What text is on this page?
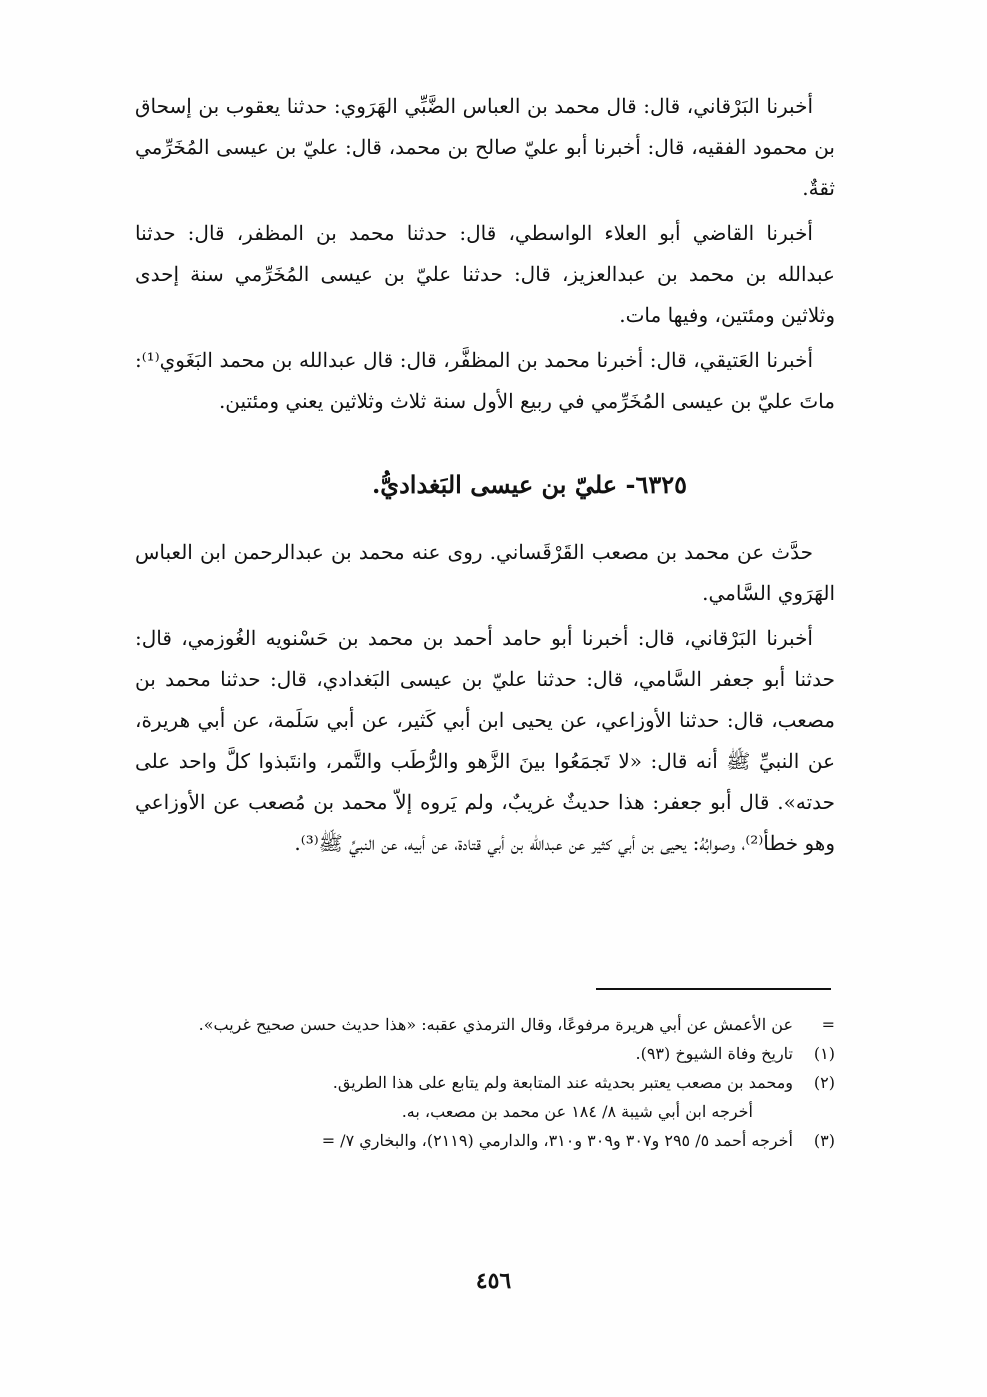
أخبرنا البَرْقاني، قال: قال محمد بن العباس الضَّبِّي الهَرَوي: حدثنا يعقوب بن إسحاق بن محمود الفقيه، قال: أخبرنا أبو عليّ صالح بن محمد، قال: عليّ بن عيسى المُخَرِّمي ثقةٌ.

أخبرنا القاضي أبو العلاء الواسطي، قال: حدثنا محمد بن المظفر، قال: حدثنا عبدالله بن محمد بن عبدالعزيز، قال: حدثنا عليّ بن عيسى المُخَرِّمي سنة إحدى وثلاثين ومئتين، وفيها مات.

أخبرنا العَتيقي، قال: أخبرنا محمد بن المظفَّر، قال: قال عبدالله بن محمد البَغَوي⁽¹⁾: ماتَ عليّ بن عيسى المُخَرِّمي في ربيع الأول سنة ثلاث وثلاثين يعني ومئتين.

٦٣٢٥- عليّ بن عيسى البَغداديُّ.

حدَّث عن محمد بن مصعب القَرْقَساني. روى عنه محمد بن عبدالرحمن ابن العباس الهَرَوي السَّامي.

أخبرنا البَرْقاني، قال: أخبرنا أبو حامد أحمد بن محمد بن حَسْنويه الغُوزمي، قال: حدثنا أبو جعفر السَّامي، قال: حدثنا عليّ بن عيسى البَغدادي، قال: حدثنا محمد بن مصعب، قال: حدثنا الأوزاعي، عن يحيى ابن أبي كَثير، عن أبي سَلَمة، عن أبي هريرة، عن النبيِّ ﷺ أنه قال: «لا تَجمَعُوا بينَ الزَّهو والرُّطَب والتَّمر، وانتَبذوا كلَّ واحد على حدته». قال أبو جعفر: هذا حديثٌ غريبٌ، ولم يَروه إلاّ محمد بن مُصعب عن الأوزاعي وهو خطأ⁽²⁾، وصوابُهُ: يحيى بن أبي كثير عن عبدالله بن أبي قتادة، عن أبيه، عن النبيِّ ﷺ⁽³⁾.

=
عن الأعمش عن أبي هريرة مرفوعًا، وقال الترمذي عقبه: «هذا حديث حسن صحيح غريب».
(١)
تاريخ وفاة الشيوخ (٩٣).
(٢)
ومحمد بن مصعب يعتبر بحديثه عند المتابعة ولم يتابع على هذا الطريق.
أخرجه ابن أبي شيبة ٨/ ١٨٤ عن محمد بن مصعب، به.
(٣)
أخرجه أحمد ٥/ ٢٩٥ و٣٠٧ و٣٠٩ و٣١٠، والدارمي (٢١١٩)، والبخاري ٧/ =
٤٥٦
